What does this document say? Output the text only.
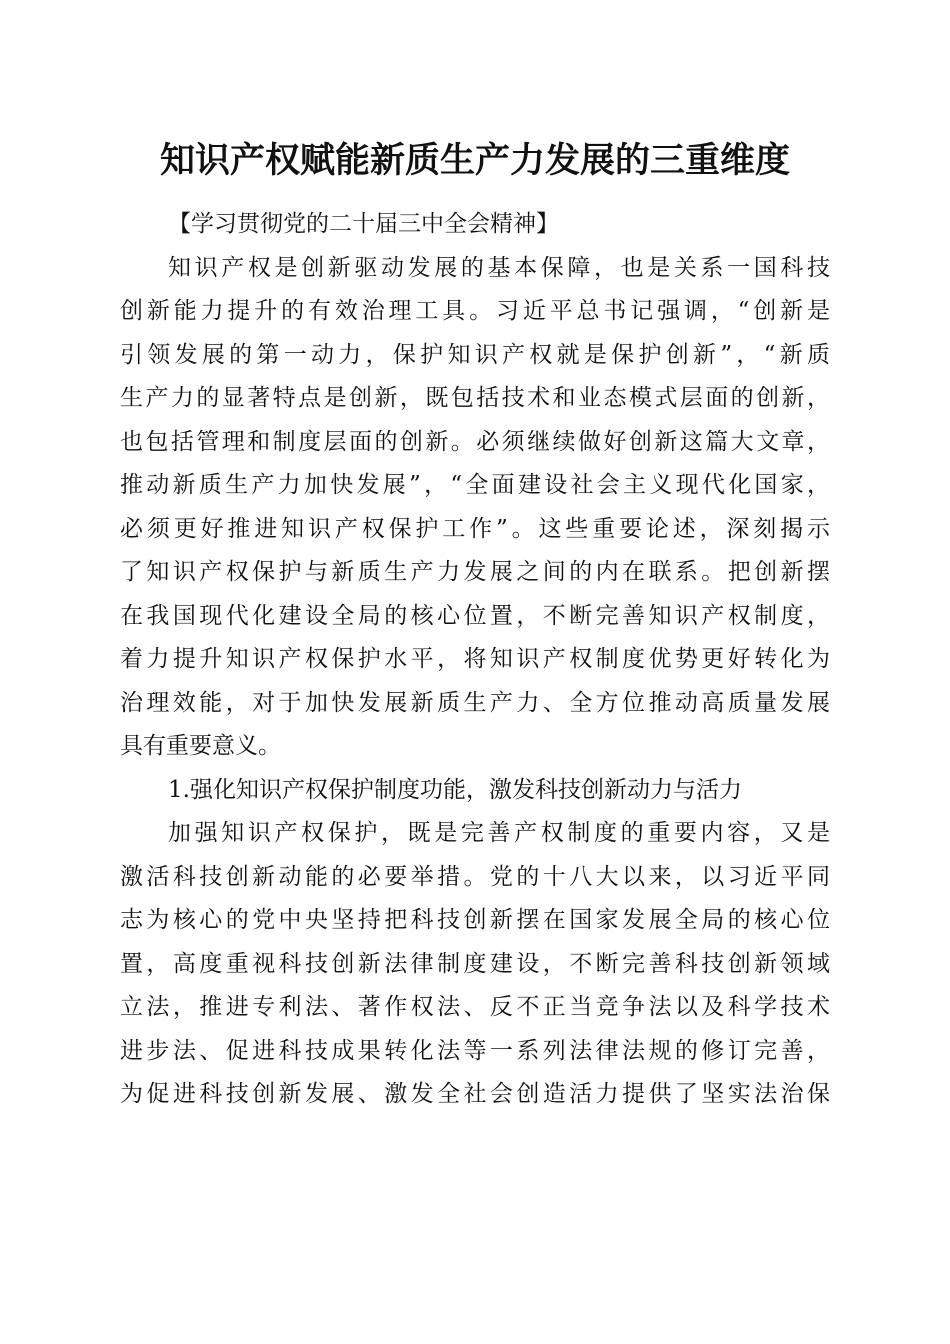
知识产权赋能新质生产力发展的三重维度
【学习贯彻党的二十届三中全会精神】
知识产权是创新驱动发展的基本保障，也是关系一国科技
创新能力提升的有效治理工具。习近平总书记强调，“创新是
引领发展的第一动力，保护知识产权就是保护创新”，“新质
生产力的显著特点是创新，既包括技术和业态模式层面的创新，
也包括管理和制度层面的创新。必须继续做好创新这篇大文章，
推动新质生产力加快发展”，“全面建设社会主义现代化国家，
必须更好推进知识产权保护工作”。这些重要论述，深刻揭示
了知识产权保护与新质生产力发展之间的内在联系。把创新摆
在我国现代化建设全局的核心位置，不断完善知识产权制度，
着力提升知识产权保护水平，将知识产权制度优势更好转化为
治理效能，对于加快发展新质生产力、全方位推动高质量发展
具有重要意义。
1.强化知识产权保护制度功能，激发科技创新动力与活力
加强知识产权保护，既是完善产权制度的重要内容，又是
激活科技创新动能的必要举措。党的十八大以来，以习近平同
志为核心的党中央坚持把科技创新摆在国家发展全局的核心位
置，高度重视科技创新法律制度建设，不断完善科技创新领域
立法，推进专利法、著作权法、反不正当竞争法以及科学技术
进步法、促进科技成果转化法等一系列法律法规的修订完善，
为促进科技创新发展、激发全社会创造活力提供了坚实法治保
